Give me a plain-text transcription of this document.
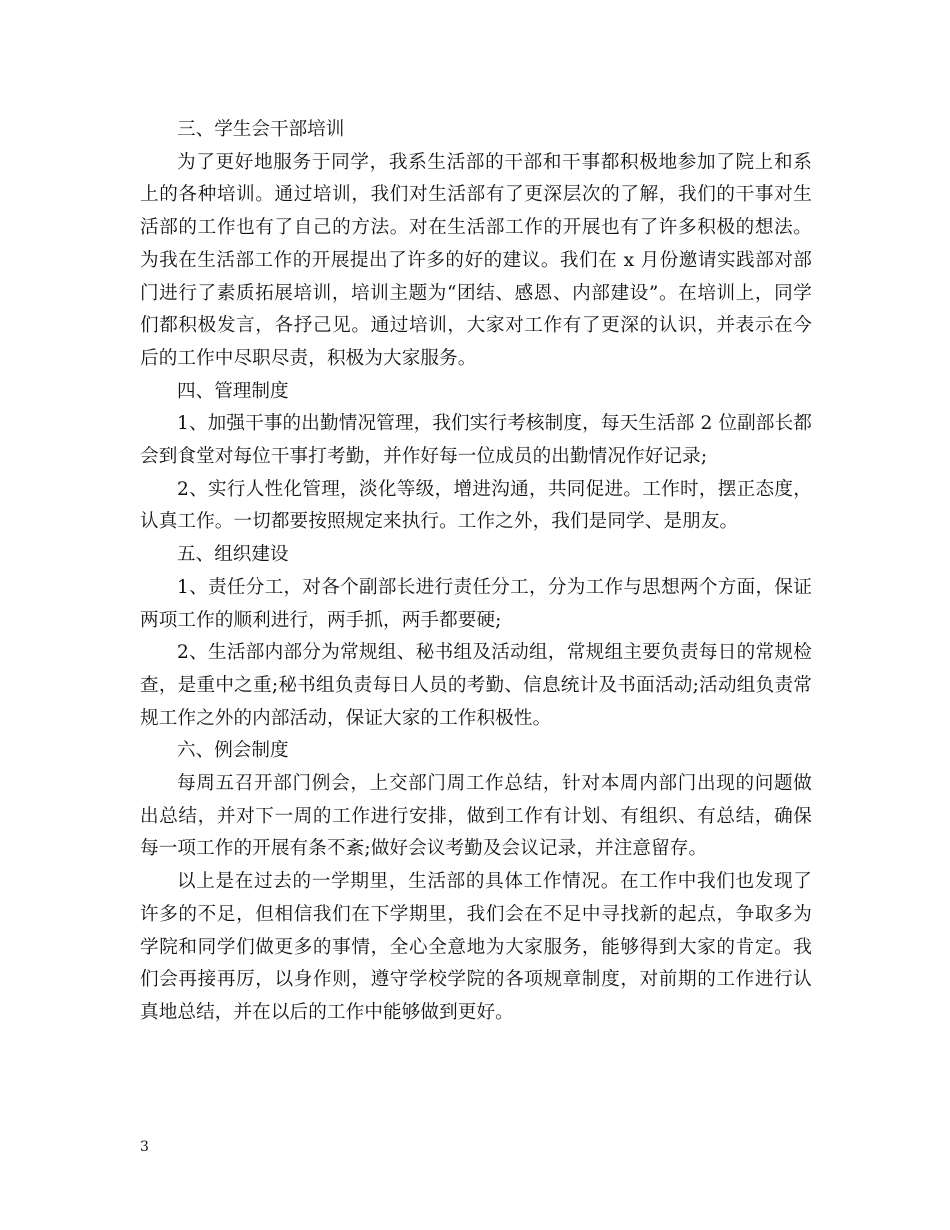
三、学生会干部培训

为了更好地服务于同学，我系生活部的干部和干事都积极地参加了院上和系上的各种培训。通过培训，我们对生活部有了更深层次的了解，我们的干事对生活部的工作也有了自己的方法。对在生活部工作的开展也有了许多积极的想法。为我在生活部工作的开展提出了许多的好的建议。我们在 x 月份邀请实践部对部门进行了素质拓展培训，培训主题为“团结、感恩、内部建设”。在培训上，同学们都积极发言，各抒己见。通过培训，大家对工作有了更深的认识，并表示在今后的工作中尽职尽责，积极为大家服务。

四、管理制度

1、加强干事的出勤情况管理，我们实行考核制度，每天生活部 2 位副部长都会到食堂对每位干事打考勤，并作好每一位成员的出勤情况作好记录;

2、实行人性化管理，淡化等级，增进沟通，共同促进。工作时，摆正态度，认真工作。一切都要按照规定来执行。工作之外，我们是同学、是朋友。

五、组织建设

1、责任分工，对各个副部长进行责任分工，分为工作与思想两个方面，保证两项工作的顺利进行，两手抓，两手都要硬;

2、生活部内部分为常规组、秘书组及活动组，常规组主要负责每日的常规检查，是重中之重;秘书组负责每日人员的考勤、信息统计及书面活动;活动组负责常规工作之外的内部活动，保证大家的工作积极性。

六、例会制度

每周五召开部门例会，上交部门周工作总结，针对本周内部门出现的问题做出总结，并对下一周的工作进行安排，做到工作有计划、有组织、有总结，确保每一项工作的开展有条不紊;做好会议考勤及会议记录，并注意留存。

以上是在过去的一学期里，生活部的具体工作情况。在工作中我们也发现了许多的不足，但相信我们在下学期里，我们会在不足中寻找新的起点，争取多为学院和同学们做更多的事情，全心全意地为大家服务，能够得到大家的肯定。我们会再接再厉，以身作则，遵守学校学院的各项规章制度，对前期的工作进行认真地总结，并在以后的工作中能够做到更好。

3
